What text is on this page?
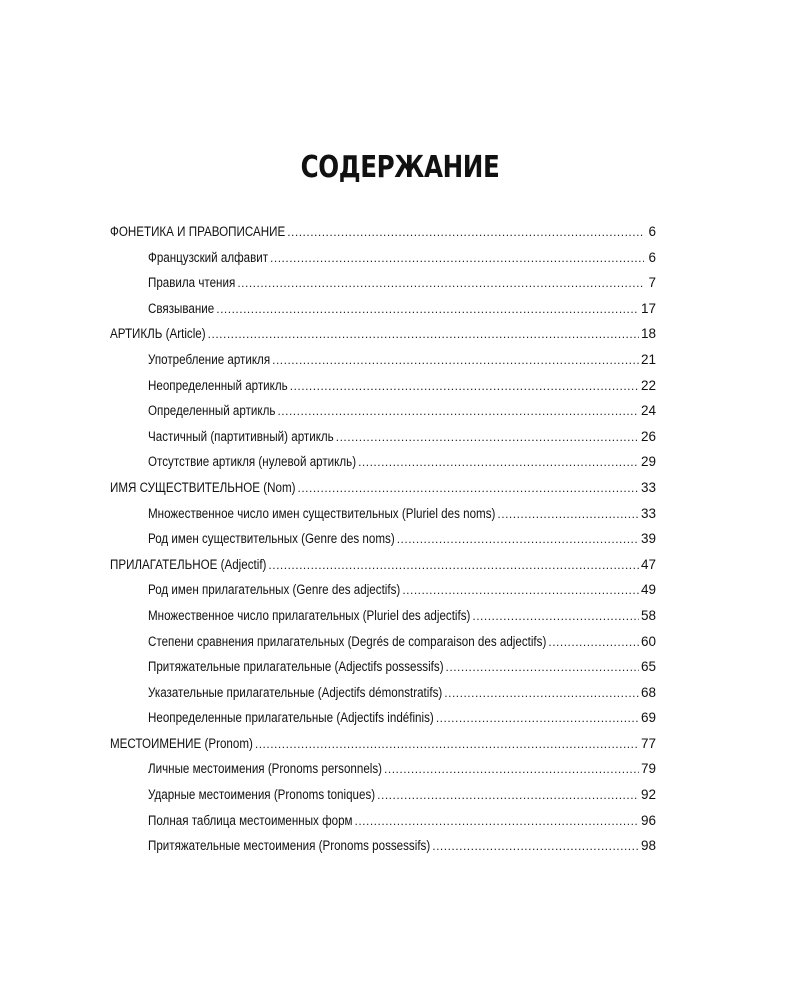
СОДЕРЖАНИЕ
ФОНЕТИКА И ПРАВОПИСАНИЕ .....	6
Французский алфавит .....	6
Правила чтения .....	7
Связывание .....	17
АРТИКЛЬ (Article) .....	18
Употребление артикля .....	21
Неопределенный артикль .....	22
Определенный артикль .....	24
Частичный (партитивный) артикль .....	26
Отсутствие артикля (нулевой артикль) .....	29
ИМЯ СУЩЕСТВИТЕЛЬНОЕ (Nom) .....	33
Множественное число имен существительных (Pluriel des noms) .....	33
Род имен существительных (Genre des noms) .....	39
ПРИЛАГАТЕЛЬНОЕ (Adjectif) .....	47
Род имен прилагательных (Genre des adjectifs) .....	49
Множественное число прилагательных (Pluriel des adjectifs) .....	58
Степени сравнения прилагательных (Degrés de comparaison des adjectifs) .....	60
Притяжательные прилагательные (Adjectifs possessifs) .....	65
Указательные прилагательные (Adjectifs démonstratifs) .....	68
Неопределенные прилагательные (Adjectifs indéfinis) .....	69
МЕСТОИМЕНИЕ (Pronom) .....	77
Личные местоимения (Pronoms personnels) .....	79
Ударные местоимения (Pronoms toniques) .....	92
Полная таблица местоименных форм .....	96
Притяжательные местоимения (Pronoms possessifs) .....	98
